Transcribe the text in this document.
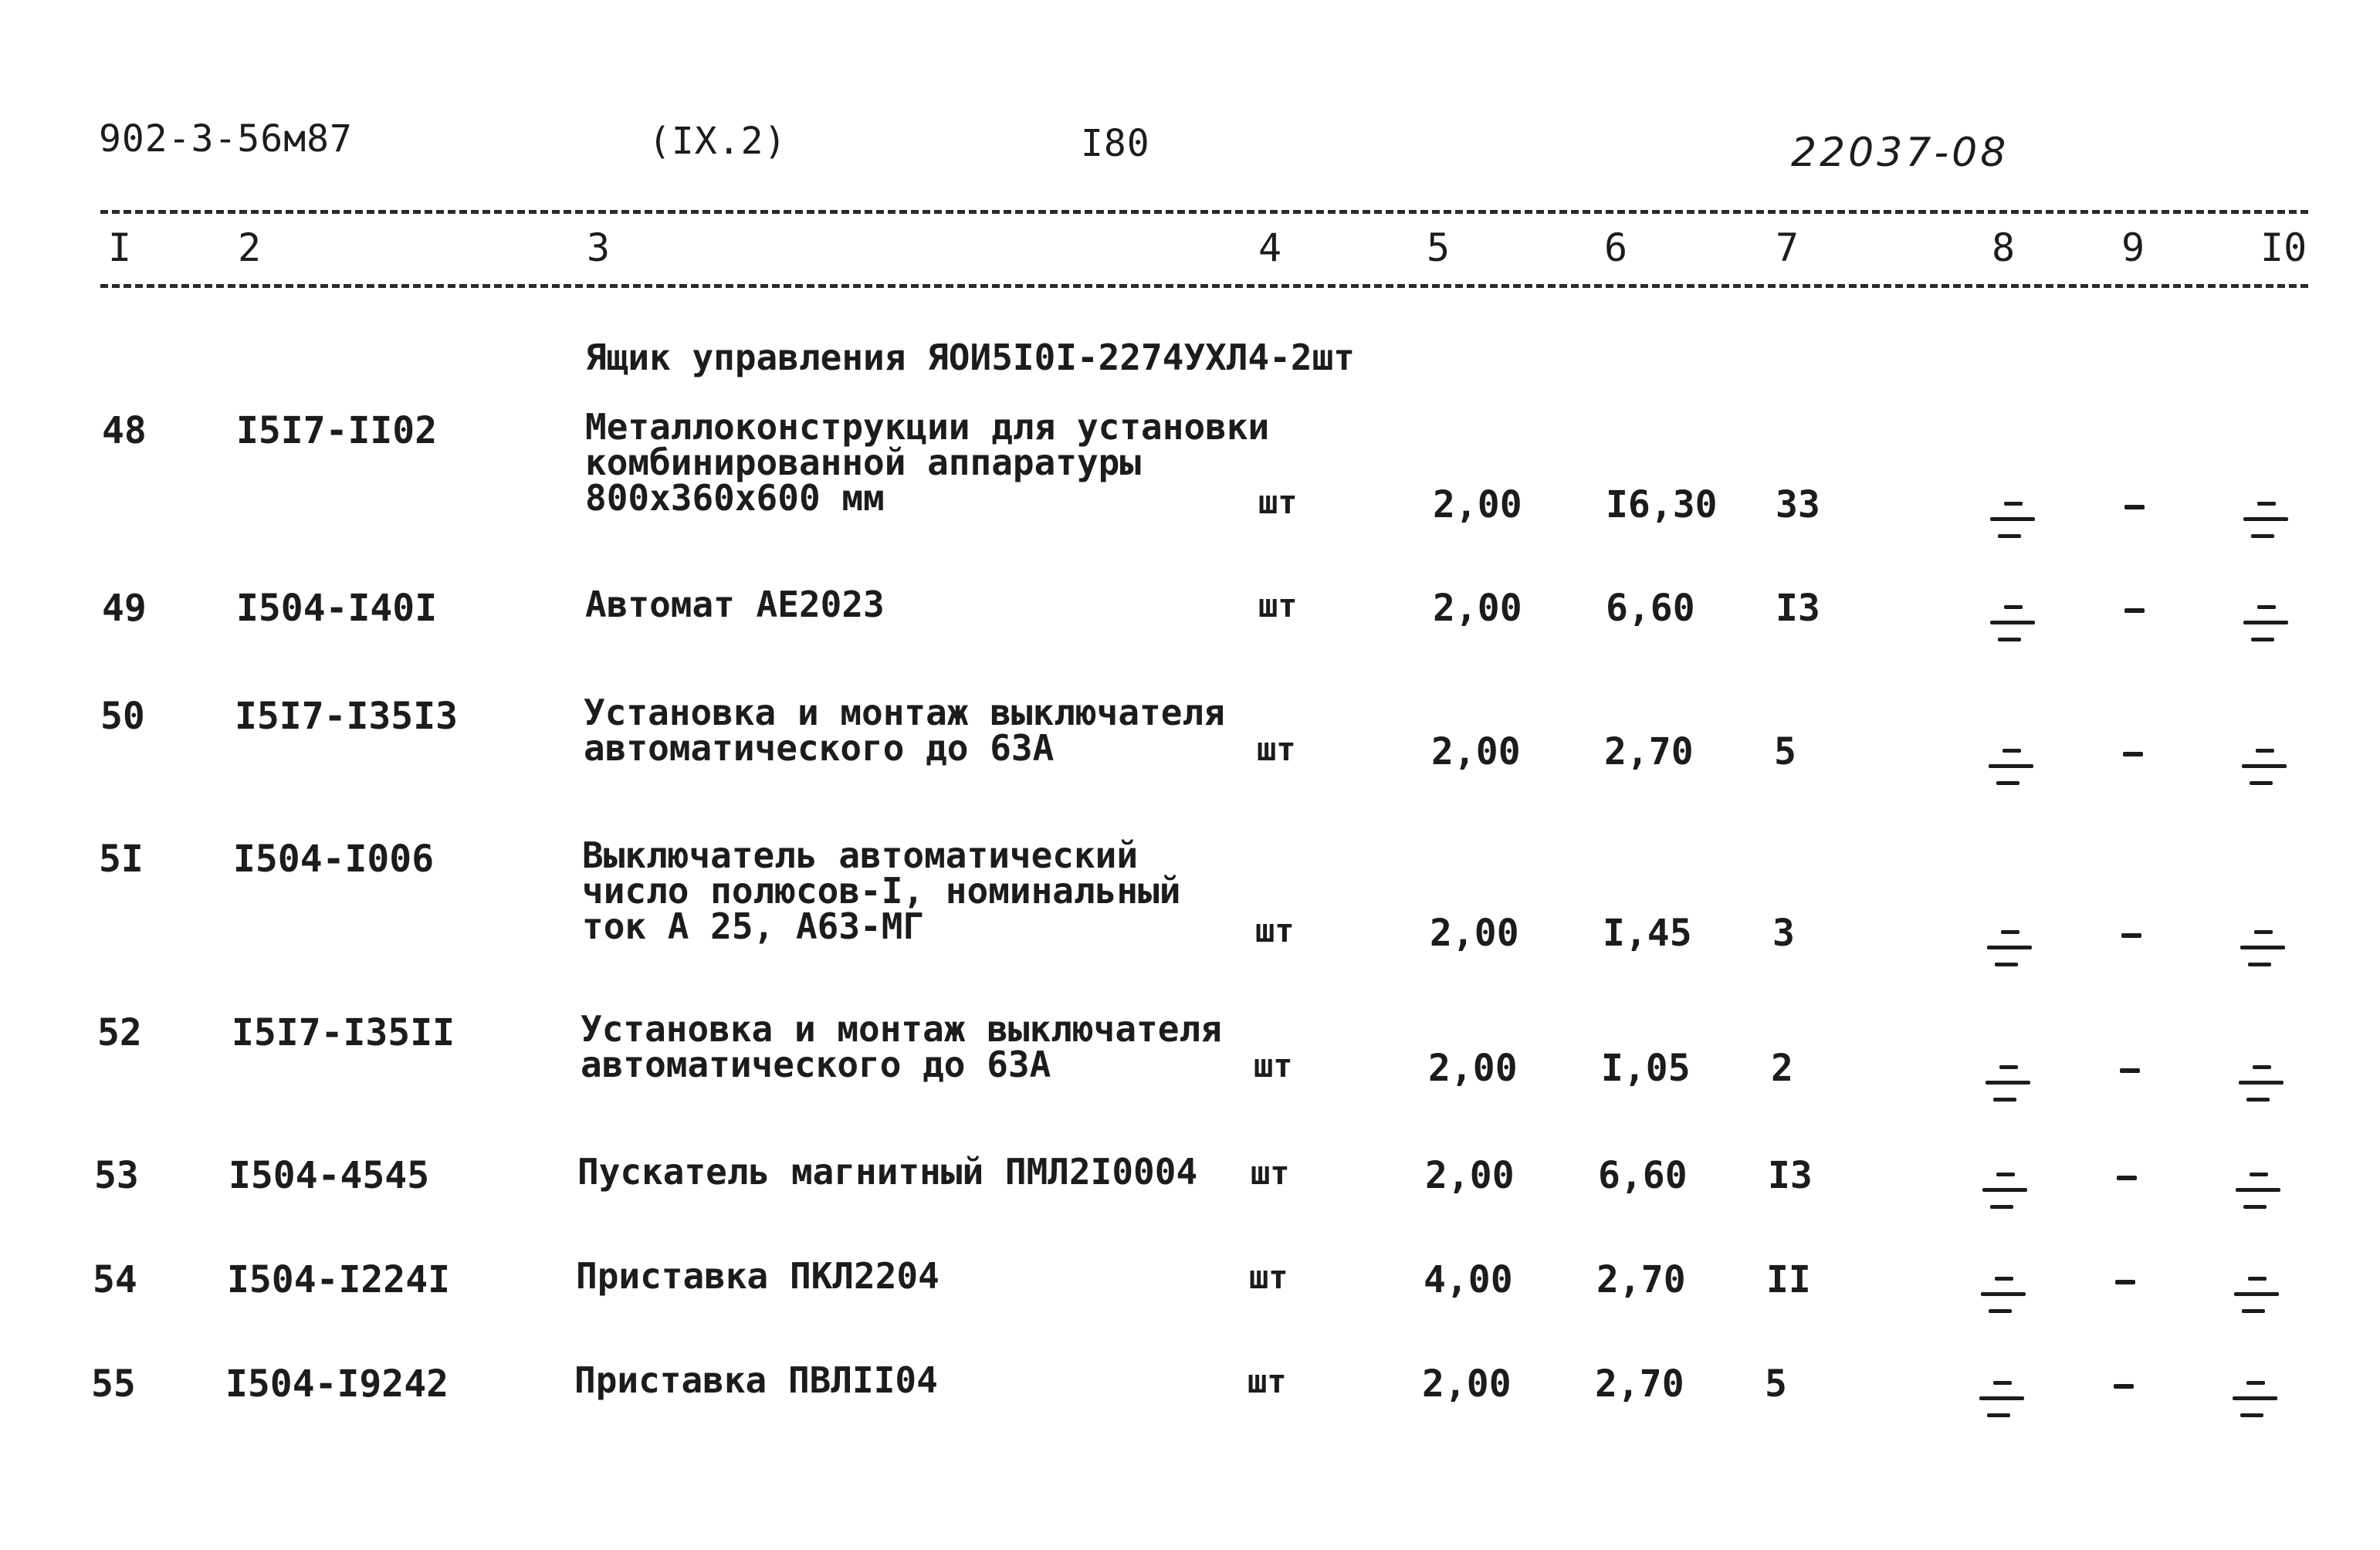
902-3-56м87	(IX.2)	I80	22037-08
I	2	3	4	5	6	7	8	9	I0
Ящик управления ЯОИ5I0I-2274УХЛ4-2шт
48 I5I7-II02	Металлоконструкции для установки
комбинированной аппаратуры
800х360х600 мм	шт	2,00 I6,30 33
49 I504-I40I	Автомат АЕ2023	шт	2,00 6,60 I3
50 I5I7-I35I3	Установка и монтаж выключателя
автоматического до 63А	шт	2,00 2,70 5
5I I504-I006	Выключатель автоматический
число полюсов-I, номинальный
ток А 25, А63-МГ	шт	2,00 I,45 3
52 I5I7-I35II	Установка и монтаж выключателя
автоматического до 63А	шт	2,00 I,05 2
53 I504-4545	Пускатель магнитный ПМЛ2I0004 шт	2,00 6,60 I3
54 I504-I224I	Приставка ПКЛ2204	шт	4,00 2,70 II
55 I504-I9242	Приставка ПВЛII04	шт	2,00 2,70 5
